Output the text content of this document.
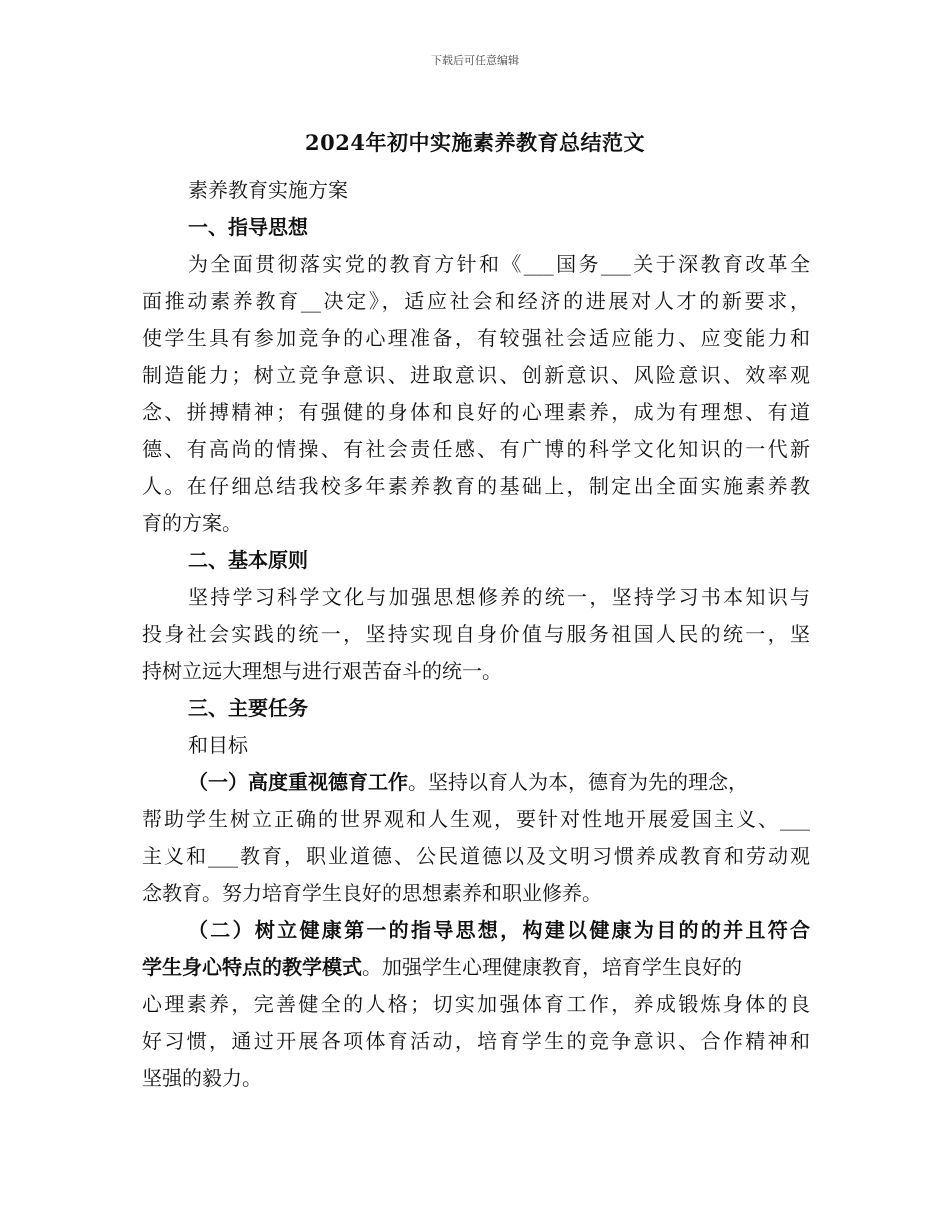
下载后可任意编辑
2024年初中实施素养教育总结范文

素养教育实施方案

一、指导思想

为全面贯彻落实党的教育方针和《___国务___关于深教育改革全

面推动素养教育__决定》，适应社会和经济的进展对人才的新要求，

使学生具有参加竞争的心理准备，有较强社会适应能力、应变能力和

制造能力；树立竞争意识、进取意识、创新意识、风险意识、效率观

念、拼搏精神；有强健的身体和良好的心理素养，成为有理想、有道

德、有高尚的情操、有社会责任感、有广博的科学文化知识的一代新

人。在仔细总结我校多年素养教育的基础上，制定出全面实施素养教

育的方案。

二、基本原则

坚持学习科学文化与加强思想修养的统一，坚持学习书本知识与

投身社会实践的统一，坚持实现自身价值与服务祖国人民的统一，坚

持树立远大理想与进行艰苦奋斗的统一。

三、主要任务

和目标

（一）高度重视德育工作。坚持以育人为本，德育为先的理念，

帮助学生树立正确的世界观和人生观，要针对性地开展爱国主义、___

主义和___教育，职业道德、公民道德以及文明习惯养成教育和劳动观

念教育。努力培育学生良好的思想素养和职业修养。

（二）树立健康第一的指导思想，构建以健康为目的的并且符合

学生身心特点的教学模式。加强学生心理健康教育，培育学生良好的

心理素养，完善健全的人格；切实加强体育工作，养成锻炼身体的良

好习惯，通过开展各项体育活动，培育学生的竞争意识、合作精神和

坚强的毅力。
